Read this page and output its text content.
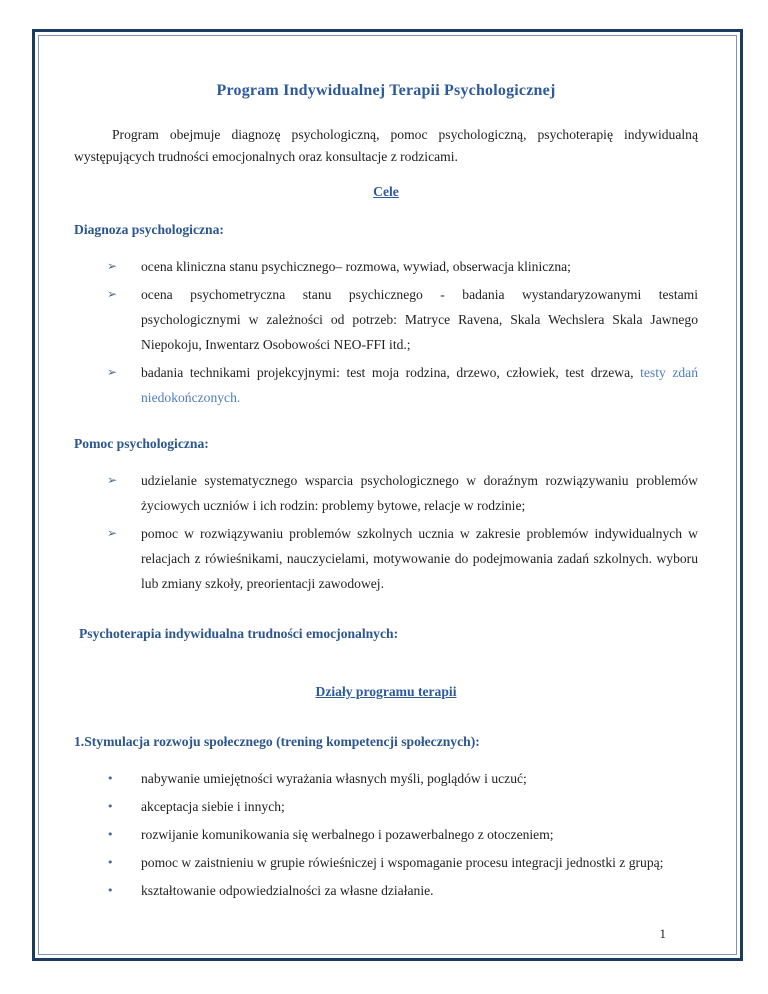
Program Indywidualnej Terapii Psychologicznej

Program obejmuje diagnozę psychologiczną, pomoc psychologiczną, psychoterapię indywidualną występujących trudności emocjonalnych oraz konsultacje z rodzicami.

Cele
Diagnoza psychologiczna:
➢	ocena kliniczna stanu psychicznego– rozmowa, wywiad, obserwacja kliniczna;
➢	ocena psychometryczna stanu psychicznego - badania wystandaryzowanymi testami psychologicznymi w zależności od potrzeb: Matryce Ravena, Skala Wechslera Skala Jawnego Niepokoju, Inwentarz Osobowości NEO-FFI itd.;
➢	badania technikami projekcyjnymi: test moja rodzina, drzewo, człowiek, test drzewa, testy zdań niedokończonych.
Pomoc psychologiczna:
➢	udzielanie systematycznego wsparcia psychologicznego w doraźnym rozwiązywaniu problemów życiowych uczniów i ich rodzin: problemy bytowe, relacje w rodzinie;
➢	pomoc w rozwiązywaniu problemów szkolnych ucznia w zakresie problemów indywidualnych w relacjach z rówieśnikami, nauczycielami, motywowanie do podejmowania zadań szkolnych. wyboru lub zmiany szkoły, preorientacji zawodowej.
Psychoterapia indywidualna trudności emocjonalnych:
Działy programu terapii
1.Stymulacja rozwoju społecznego (trening kompetencji społecznych):
•	nabywanie umiejętności wyrażania własnych myśli, poglądów i uczuć;
•	akceptacja siebie i innych;
•	rozwijanie komunikowania się werbalnego i pozawerbalnego z otoczeniem;
•	pomoc w zaistnieniu w grupie rówieśniczej i wspomaganie procesu integracji jednostki z grupą;
•	kształtowanie odpowiedzialności za własne działanie.
1
